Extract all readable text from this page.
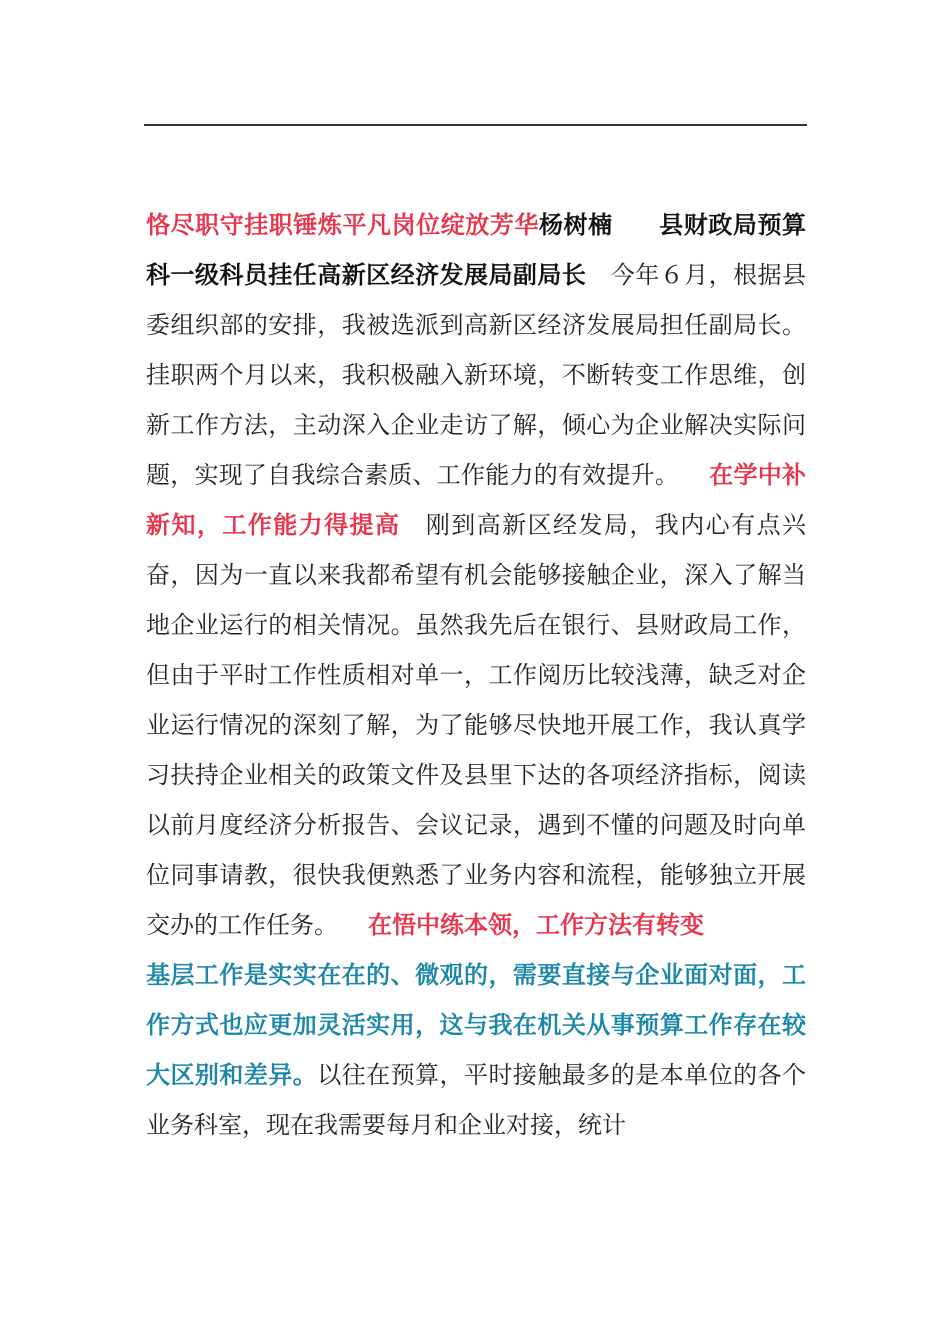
恪尽职守挂职锤炼平凡岗位绽放芳华杨树楠 县财政局预算科一级科员挂任高新区经济发展局副局长 今年６月，根据县委组织部的安排，我被选派到高新区经济发展局担任副局长。挂职两个月以来，我积极融入新环境，不断转变工作思维，创新工作方法，主动深入企业走访了解，倾心为企业解决实际问题，实现了自我综合素质、工作能力的有效提升。 在学中补新知，工作能力得提高 刚到高新区经发局，我内心有点兴奋，因为一直以来我都希望有机会能够接触企业，深入了解当地企业运行的相关情况。虽然我先后在银行、县财政局工作，但由于平时工作性质相对单一，工作阅历比较浅薄，缺乏对企业运行情况的深刻了解，为了能够尽快地开展工作，我认真学习扶持企业相关的政策文件及县里下达的各项经济指标，阅读以前月度经济分析报告、会议记录，遇到不懂的问题及时向单位同事请教，很快我便熟悉了业务内容和流程，能够独立开展交办的工作任务。 在悟中练本领，工作方法有转变
基层工作是实实在在的、微观的，需要直接与企业面对面，工作方式也应更加灵活实用，这与我在机关从事预算工作存在较大区别和差异。以往在预算，平时接触最多的是本单位的各个业务科室，现在我需要每月和企业对接，统计
